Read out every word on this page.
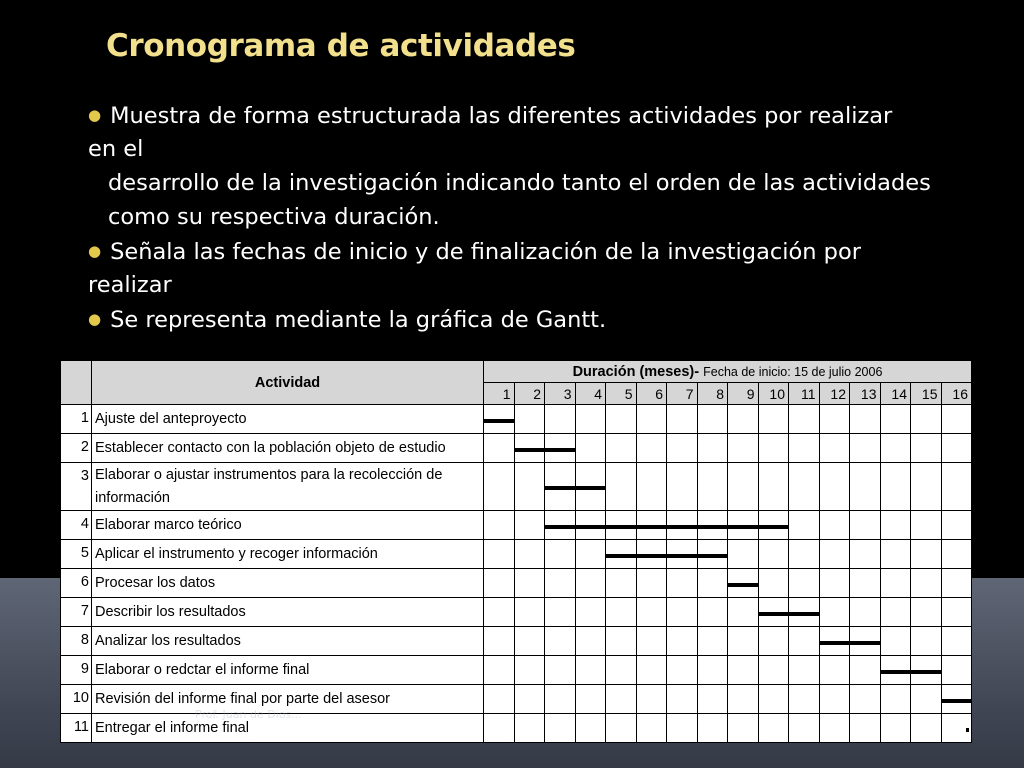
Cronograma de actividades
● Muestra de forma estructurada las diferentes actividades por realizar
en el
desarrollo de la investigación indicando tanto el orden de las actividades
como su respectiva duración.
● Señala las fechas de inicio y de finalización de la investigación por
realizar
● Se representa mediante la gráfica de Gantt.
	Actividad	Duración (meses)- Fecha de inicio: 15 de julio 2006															
		1	2	3	4	5	6	7	8	9	10	11	12	13	14	15	16
1	Ajuste del anteproyecto																
2	Establecer contacto con la población objeto de estudio																
3	Elaborar o ajustar instrumentos para la recolección de información																
4	Elaborar marco teórico																
5	Aplicar el instrumento y recoger información																
6	Procesar los datos																
7	Describir los resultados																
8	Analizar los resultados																
9	Elaborar o redctar el informe final																
10	Revisión del informe final por parte del asesor																
11	Entregar el informe final																

Prof. Juan de Dios...
